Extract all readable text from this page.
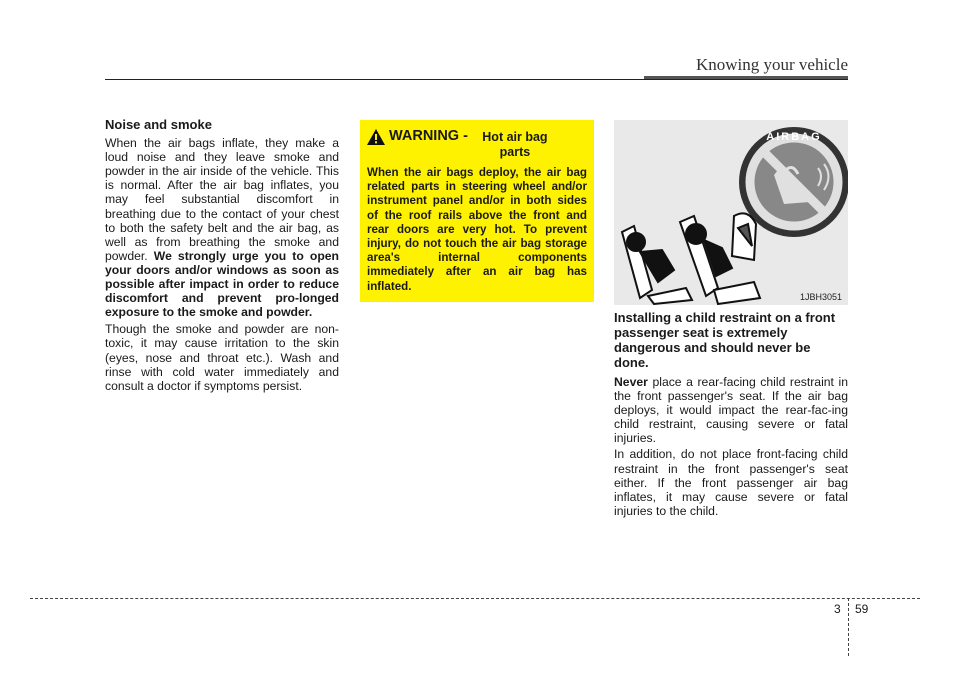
Knowing your vehicle
Noise and smoke

When the air bags inflate, they make a loud noise and they leave smoke and powder in the air inside of the vehicle. This is normal. After the air bag inflates, you may feel substantial discomfort in breathing due to the contact of your chest to both the safety belt and the air bag, as well as from breathing the smoke and powder. We strongly urge you to open your doors and/or windows as soon as possible after impact in order to reduce discomfort and prevent pro-longed exposure to the smoke and powder.

Though the smoke and powder are non-toxic, it may cause irritation to the skin (eyes, nose and throat etc.). Wash and rinse with cold water immediately and consult a doctor if symptoms persist.

WARNING -	Hot air bag parts

When the air bags deploy, the air bag related parts in steering wheel and/or instrument panel and/or in both sides of the roof rails above the front and rear doors are very hot. To prevent injury, do not touch the air bag storage area's internal components immediately after an air bag has inflated.

AIRBAG
1JBH3051
Installing a child restraint on a front passenger seat is extremely dangerous and should never be done.

Never place a rear-facing child restraint in the front passenger's seat. If the air bag deploys, it would impact the rear-fac-ing child restraint, causing severe or fatal injuries.

In addition, do not place front-facing child restraint in the front passenger's seat either. If the front passenger air bag inflates, it may cause severe or fatal injuries to the child.

3 59
